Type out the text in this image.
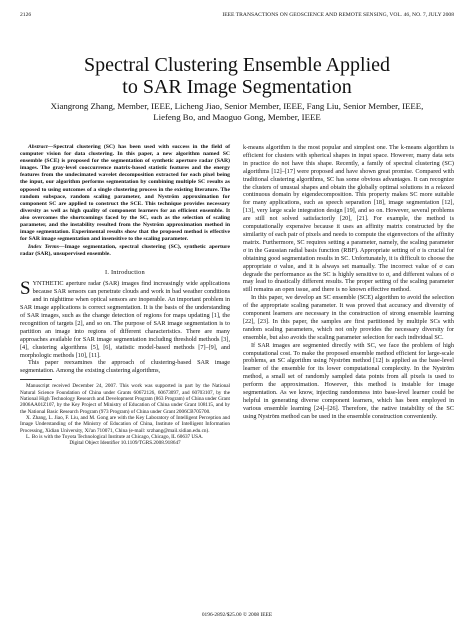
2126	IEEE TRANSACTIONS ON GEOSCIENCE AND REMOTE SENSING, VOL. 46, NO. 7, JULY 2008
Spectral Clustering Ensemble Applied
to SAR Image Segmentation
Xiangrong Zhang, Member, IEEE, Licheng Jiao, Senior Member, IEEE, Fang Liu, Senior Member, IEEE,
Liefeng Bo, and Maoguo Gong, Member, IEEE

Abstract—Spectral clustering (SC) has been used with success in the field of computer vision for data clustering. In this paper, a new algorithm named SC ensemble (SCE) is proposed for the segmentation of synthetic aperture radar (SAR) images. The gray-level cooccurrence matrix-based statistic features and the energy features from the undecimated wavelet decomposition extracted for each pixel being the input, our algorithm performs segmentation by combining multiple SC results as opposed to using outcomes of a single clustering process in the existing literature. The random subspace, random scaling parameter, and Nyström approximation for component SC are applied to construct the SCE. This technique provides necessary diversity as well as high quality of component learners for an efficient ensemble. It also overcomes the shortcomings faced by the SC, such as the selection of scaling parameter, and the instability resulted from the Nyström approximation method in image segmentation. Experimental results show that the proposed method is effective for SAR image segmentation and insensitive to the scaling parameter.

Index Terms—Image segmentation, spectral clustering (SC), synthetic aperture radar (SAR), unsupervised ensemble.

I. Introduction

SYNTHETIC aperture radar (SAR) images find increasingly wide applications because SAR sensors can penetrate clouds and work in bad weather conditions and in nighttime when optical sensors are inoperable. An important problem in SAR image applications is correct segmentation. It is the basis of the understanding of SAR images, such as the change detection of regions for maps updating [1], the recognition of targets [2], and so on. The purpose of SAR image segmentation is to partition an image into regions of different characteristics. There are many approaches available for SAR image segmentation including threshold methods [3], [4], clustering algorithms [5], [6], statistic model-based methods [7]–[9], and morphologic methods [10], [11].

This paper reexamines the approach of clustering-based SAR image segmentation. Among the existing clustering algorithms,

Manuscript received December 24, 2007. This work was supported in part by the National Natural Science Foundation of China under Grants 60672126, 60673097, and 60703107, by the National High Technology Research and Development Program (863 Program) of China under Grant 2006AA01Z107, by the Key Project of Ministry of Education of China under Grant 108115, and by the National Basic Research Program (973 Program) of China under Grant 2006CB705700.

X. Zhang, L. Jiao, F. Liu, and M. Gong are with the Key Laboratory of Intelligent Perception and Image Understanding of the Ministry of Education of China, Institute of Intelligent Information Processing, Xidian University, Xi'an 710071, China (e-mail: xrzhang@mail.xidian.edu.cn).

L. Bo is with the Toyota Technological Institute at Chicago, Chicago, IL 60637 USA.

Digital Object Identifier 10.1109/TGRS.2008.918647

k-means algorithm is the most popular and simplest one. The k-means algorithm is efficient for clusters with spherical shapes in input space. However, many data sets in practice do not have this shape. Recently, a family of spectral clustering (SC) algorithms [12]–[17] were proposed and have shown great promise. Compared with traditional clustering algorithms, SC has some obvious advantages. It can recognize the clusters of unusual shapes and obtain the globally optimal solutions in a relaxed continuous domain by eigendecomposition. This property makes SC more suitable for many applications, such as speech separation [18], image segmentation [12], [13], very large scale integration design [19], and so on. However, several problems are still not solved satisfactorily [20], [21]. For example, the method is computationally expensive because it uses an affinity matrix constructed by the similarity of each pair of pixels and needs to compute the eigenvectors of the affinity matrix. Furthermore, SC requires setting a parameter, namely, the scaling parameter σ in the Gaussian radial basis function (RBF). Appropriate setting of σ is crucial for obtaining good segmentation results in SC. Unfortunately, it is difficult to choose the appropriate σ value, and it is always set manually. The incorrect value of σ can degrade the performance as the SC is highly sensitive to σ, and different values of σ may lead to drastically different results. The proper setting of the scaling parameter still remains an open issue, and there is no known effective method.

In this paper, we develop an SC ensemble (SCE) algorithm to avoid the selection of the appropriate scaling parameter. It was proved that accuracy and diversity of component learners are necessary in the construction of strong ensemble learning [22], [23]. In this paper, the samples are first partitioned by multiple SCs with random scaling parameters, which not only provides the necessary diversity for ensemble, but also avoids the scaling parameter selection for each individual SC.

If SAR images are segmented directly with SC, we face the problem of high computational cost. To make the proposed ensemble method efficient for large-scale problems, an SC algorithm using Nyström method [12] is applied as the base-level learner of the ensemble for its lower computational complexity. In the Nyström method, a small set of randomly sampled data points from all pixels is used to perform the approximation. However, this method is instable for image segmentation. As we know, injecting randomness into base-level learner could be helpful in generating diverse component learners, which has been employed in various ensemble learning [24]–[26]. Therefore, the native instability of the SC using Nyström method can be used in the ensemble construction conveniently.

0196-2892/$25.00 © 2008 IEEE
